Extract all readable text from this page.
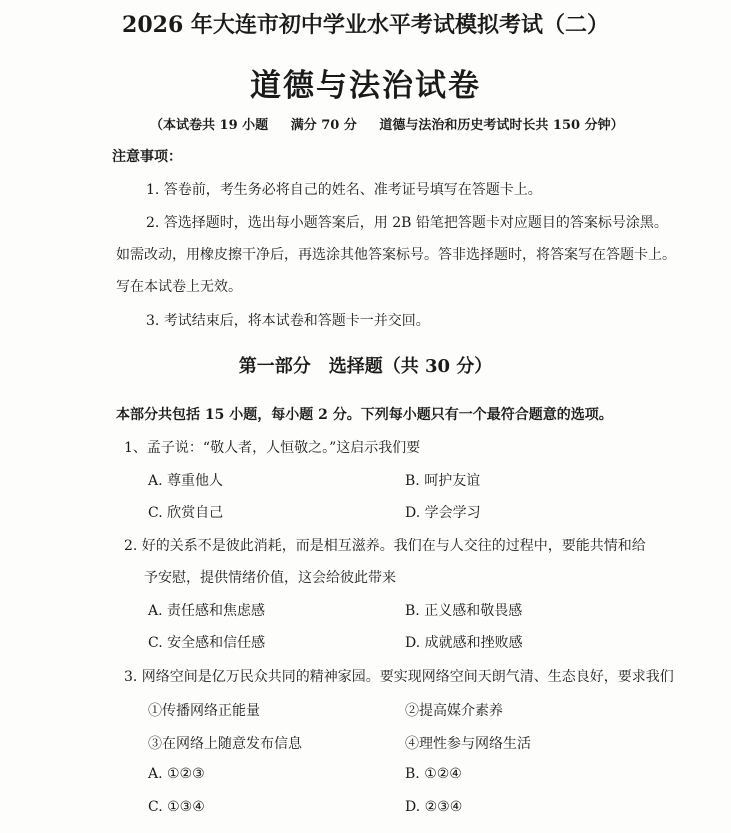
2026 年大连市初中学业水平考试模拟考试（二）
道德与法治试卷
（本试卷共 19 小题 满分 70 分 道德与法治和历史考试时长共 150 分钟）
注意事项：
1. 答卷前，考生务必将自己的姓名、准考证号填写在答题卡上。
2. 答选择题时，选出每小题答案后，用 2B 铅笔把答题卡对应题目的答案标号涂黑。
如需改动，用橡皮擦干净后，再选涂其他答案标号。答非选择题时，将答案写在答题卡上。
写在本试卷上无效。
3. 考试结束后，将本试卷和答题卡一并交回。
第一部分　选择题（共 30 分）
本部分共包括 15 小题，每小题 2 分。下列每小题只有一个最符合题意的选项。
1、孟子说：“敬人者，人恒敬之。”这启示我们要
A. 尊重他人	B. 呵护友谊
C. 欣赏自己	D. 学会学习
2. 好的关系不是彼此消耗，而是相互滋养。我们在与人交往的过程中，要能共情和给
予安慰，提供情绪价值，这会给彼此带来
A. 责任感和焦虑感	B. 正义感和敬畏感
C. 安全感和信任感	D. 成就感和挫败感
3. 网络空间是亿万民众共同的精神家园。要实现网络空间天朗气清、生态良好，要求我们
①传播网络正能量	②提高媒介素养
③在网络上随意发布信息	④理性参与网络生活
A. ①②③	B. ①②④
C. ①③④	D. ②③④
